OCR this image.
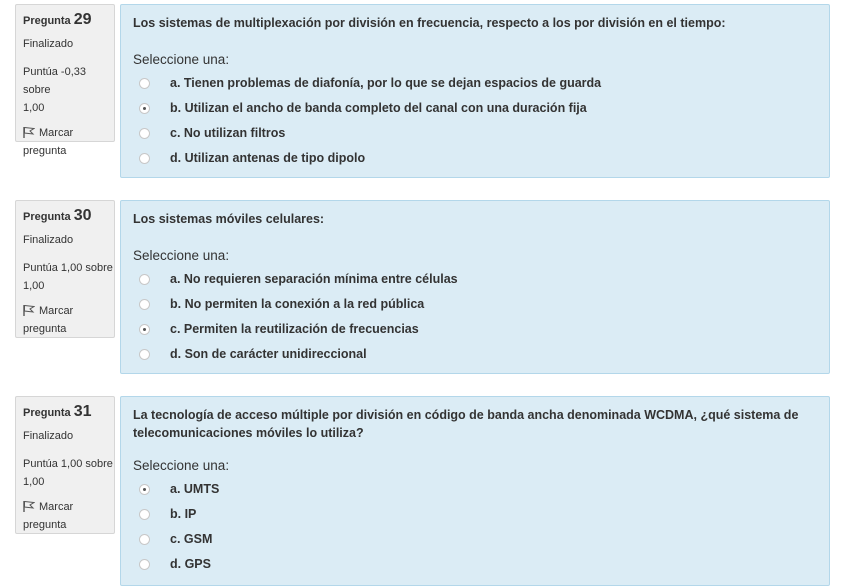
Pregunta 29
Finalizado
Puntúa -0,33 sobre
1,00
Marcar
pregunta
Los sistemas de multiplexación por división en frecuencia, respecto a los por división en el tiempo:
Seleccione una:
a. Tienen problemas de diafonía, por lo que se dejan espacios de guarda
b. Utilizan el ancho de banda completo del canal con una duración fija
c. No utilizan filtros
d. Utilizan antenas de tipo dipolo
Pregunta 30
Finalizado
Puntúa 1,00 sobre
1,00
Marcar
pregunta
Los sistemas móviles celulares:
Seleccione una:
a. No requieren separación mínima entre células
b. No permiten la conexión a la red pública
c. Permiten la reutilización de frecuencias
d. Son de carácter unidireccional
Pregunta 31
Finalizado
Puntúa 1,00 sobre
1,00
Marcar
pregunta
La tecnología de acceso múltiple por división en código de banda ancha denominada WCDMA, ¿qué sistema de
telecomunicaciones móviles lo utiliza?
Seleccione una:
a. UMTS
b. IP
c. GSM
d. GPS
